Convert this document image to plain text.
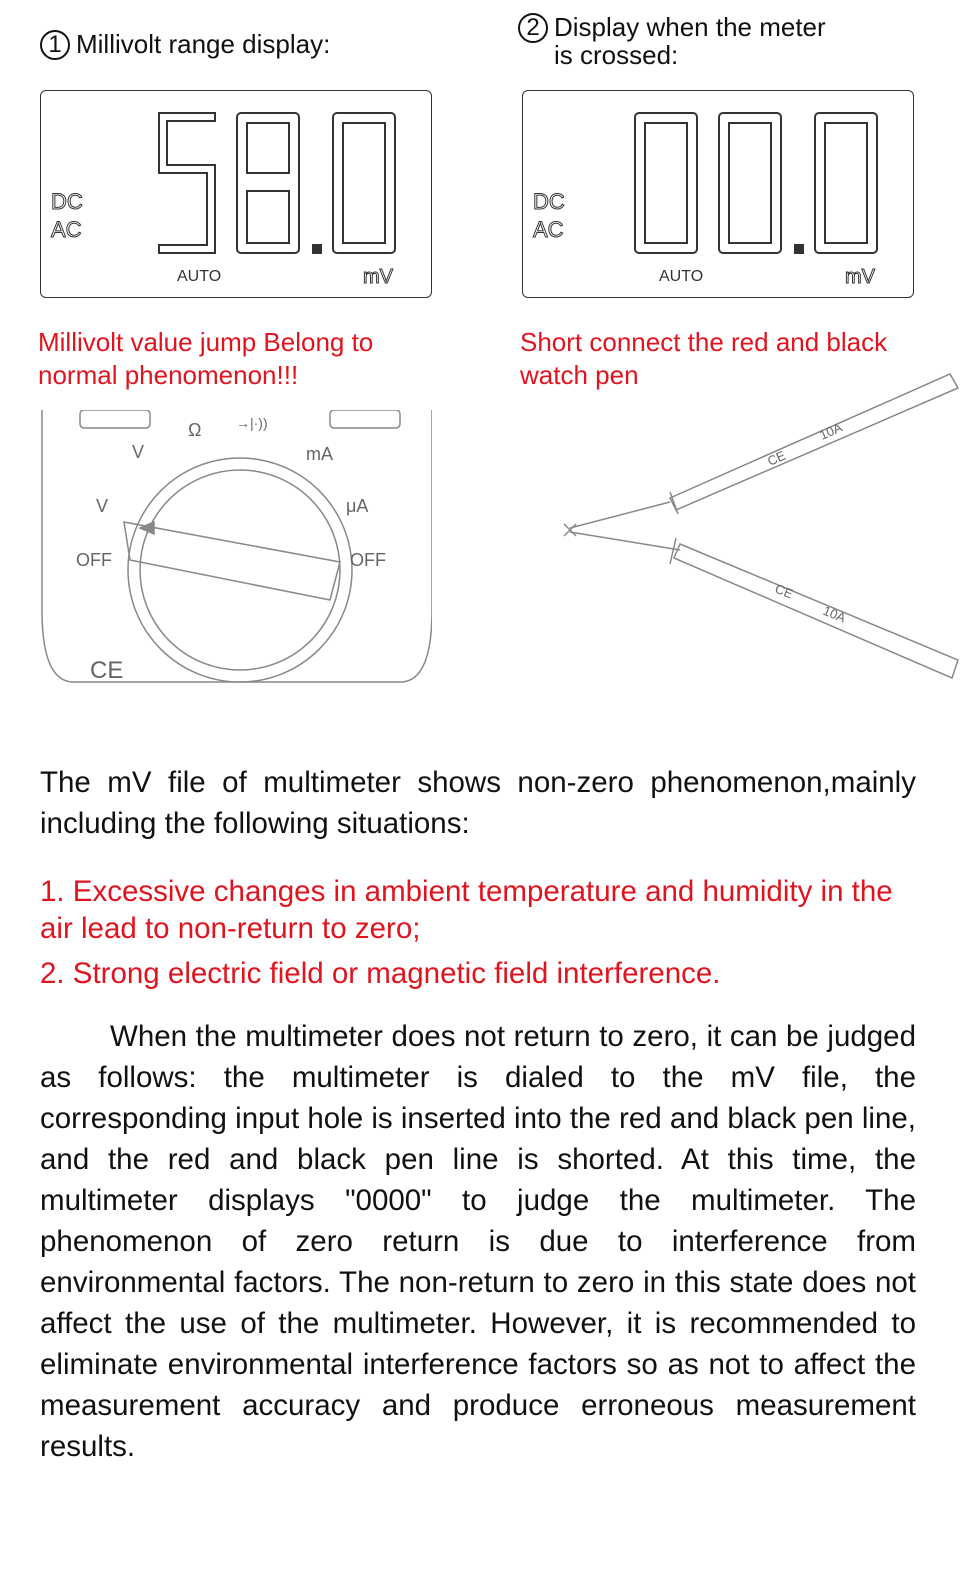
1 Millivolt range display:
2 Display when the meter
is crossed:
DC
AC
AUTO	mV
DC
AC
AUTO	mV
Millivolt value jump Belong to normal phenomenon!!!
Short connect the red and black watch pen
V
Ω →|·))
mA
V	μA
OFF	OFF
CE
10A
10A
CE
CE
The mV file of multimeter shows non-zero phenomenon,mainly including the following situations:
1. Excessive changes in ambient temperature and humidity in the air lead to non-return to zero;
2. Strong electric field or magnetic field interference.
When the multimeter does not return to zero, it can be judged as follows: the multimeter is dialed to the mV file, the corresponding input hole is inserted into the red and black pen line, and the red and black pen line is shorted. At this time, the multimeter displays "0000" to judge the multimeter. The phenomenon of zero return is due to interference from environmental factors. The non-return to zero in this state does not affect the use of the multimeter. However, it is recommended to eliminate environmental interference factors so as not to affect the measurement accuracy and produce erroneous measurement results.
